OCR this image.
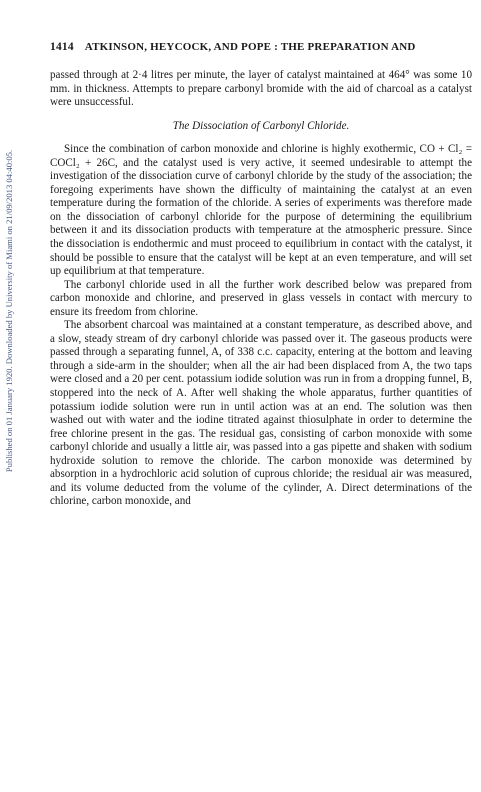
Published on 01 January 1920. Downloaded by University of Miami on 21/09/2013 04:40:05.
1414 ATKINSON, HEYCOCK, AND POPE : THE PREPARATION AND

passed through at 2·4 litres per minute, the layer of catalyst maintained at 464° was some 10 mm. in thickness. Attempts to prepare carbonyl bromide with the aid of charcoal as a catalyst were unsuccessful.

The Dissociation of Carbonyl Chloride.

Since the combination of carbon monoxide and chlorine is highly exothermic, CO + Cl₂ = COCl₂ + 26C, and the catalyst used is very active, it seemed undesirable to attempt the investigation of the dissociation curve of carbonyl chloride by the study of the association; the foregoing experiments have shown the difficulty of maintaining the catalyst at an even temperature during the formation of the chloride. A series of experiments was therefore made on the dissociation of carbonyl chloride for the purpose of determining the equilibrium between it and its dissociation products with temperature at the atmospheric pressure. Since the dissociation is endothermic and must proceed to equilibrium in contact with the catalyst, it should be possible to ensure that the catalyst will be kept at an even temperature, and will set up equilibrium at that temperature.

The carbonyl chloride used in all the further work described below was prepared from carbon monoxide and chlorine, and preserved in glass vessels in contact with mercury to ensure its freedom from chlorine.

The absorbent charcoal was maintained at a constant temperature, as described above, and a slow, steady stream of dry carbonyl chloride was passed over it. The gaseous products were passed through a separating funnel, A, of 338 c.c. capacity, entering at the bottom and leaving through a side-arm in the shoulder; when all the air had been displaced from A, the two taps were closed and a 20 per cent. potassium iodide solution was run in from a dropping funnel, B, stoppered into the neck of A. After well shaking the whole apparatus, further quantities of potassium iodide solution were run in until action was at an end. The solution was then washed out with water and the iodine titrated against thiosulphate in order to determine the free chlorine present in the gas. The residual gas, consisting of carbon monoxide with some carbonyl chloride and usually a little air, was passed into a gas pipette and shaken with sodium hydroxide solution to remove the chloride. The carbon monoxide was determined by absorption in a hydrochloric acid solution of cuprous chloride; the residual air was measured, and its volume deducted from the volume of the cylinder, A. Direct determinations of the chlorine, carbon monoxide, and
